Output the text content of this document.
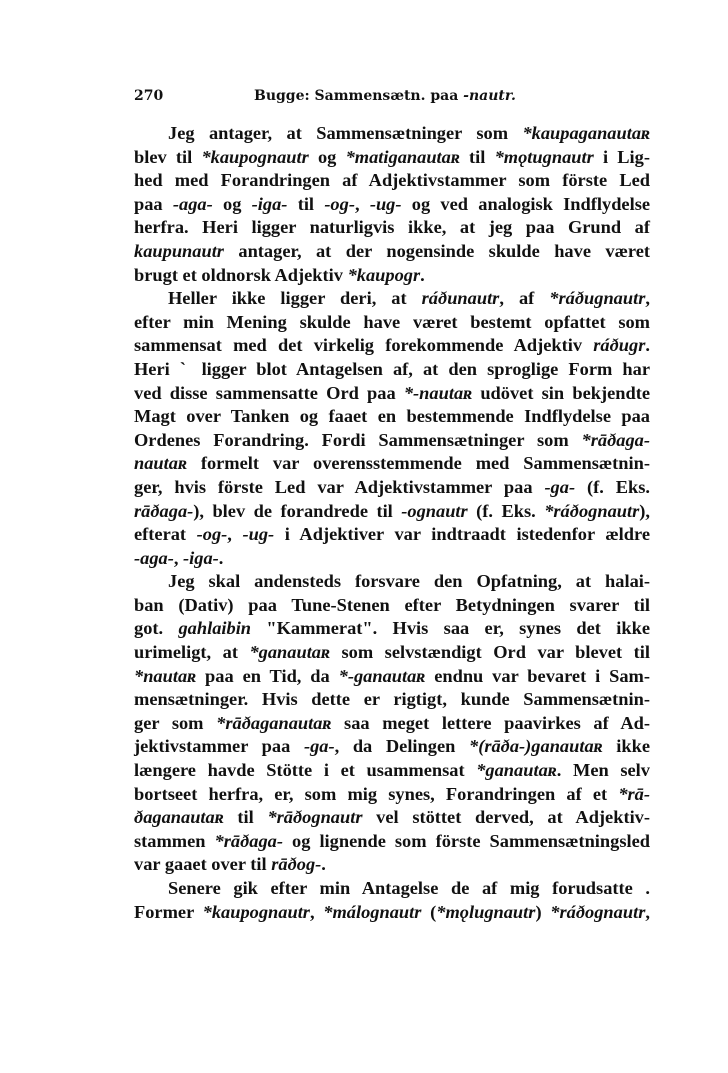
270	Bugge: Sammensætn. paa -nautr.
Jeg antager, at Sammensætninger som *kaupaganautaʀ
blev til *kaupognautr og *matiganautaʀ til *mǫtugnautr i Lig-
hed med Forandringen af Adjektivstammer som förste Led
paa -aga- og -iga- til -og-, -ug- og ved analogisk Indflydelse
herfra. Heri ligger naturligvis ikke, at jeg paa Grund af
kaupunautr antager, at der nogensinde skulde have været
brugt et oldnorsk Adjektiv *kaupogr.
Heller ikke ligger deri, at ráðunautr, af *ráðugnautr,
efter min Mening skulde have været bestemt opfattet som
sammensat med det virkelig forekommende Adjektiv ráðugr.
Heri ˋ ligger blot Antagelsen af, at den sproglige Form har
ved disse sammensatte Ord paa *-nautaʀ udövet sin bekjendte
Magt over Tanken og faaet en bestemmende Indflydelse paa
Ordenes Forandring. Fordi Sammensætninger som *rāðaga-
nautaʀ formelt var overensstemmende med Sammensætnin-
ger, hvis förste Led var Adjektivstammer paa -ga- (f. Eks.
rāðaga-), blev de forandrede til -ognautr (f. Eks. *ráðognautr),
efterat -og-, -ug- i Adjektiver var indtraadt istedenfor ældre
-aga-, -iga-.
Jeg skal andensteds forsvare den Opfatning, at halai-
ban (Dativ) paa Tune-Stenen efter Betydningen svarer til
got. gahlaibin "Kammerat". Hvis saa er, synes det ikke
urimeligt, at *ganautaʀ som selvstændigt Ord var blevet til
*nautaʀ paa en Tid, da *-ganautaʀ endnu var bevaret i Sam-
mensætninger. Hvis dette er rigtigt, kunde Sammensætnin-
ger som *rāðaganautaʀ saa meget lettere paavirkes af Ad-
jektivstammer paa -ga-, da Delingen *(rāða-)ganautaʀ ikke
længere havde Stötte i et usammensat *ganautaʀ. Men selv
bortseet herfra, er, som mig synes, Forandringen af et *rā-
ðaganautaʀ til *rāðognautr vel stöttet derved, at Adjektiv-
stammen *rāðaga- og lignende som förste Sammensætningsled
var gaaet over til rāðog-.
Senere gik efter min Antagelse de af mig forudsatte .
Former *kaupognautr, *málognautr (*mǫlugnautr) *ráðognautr,
